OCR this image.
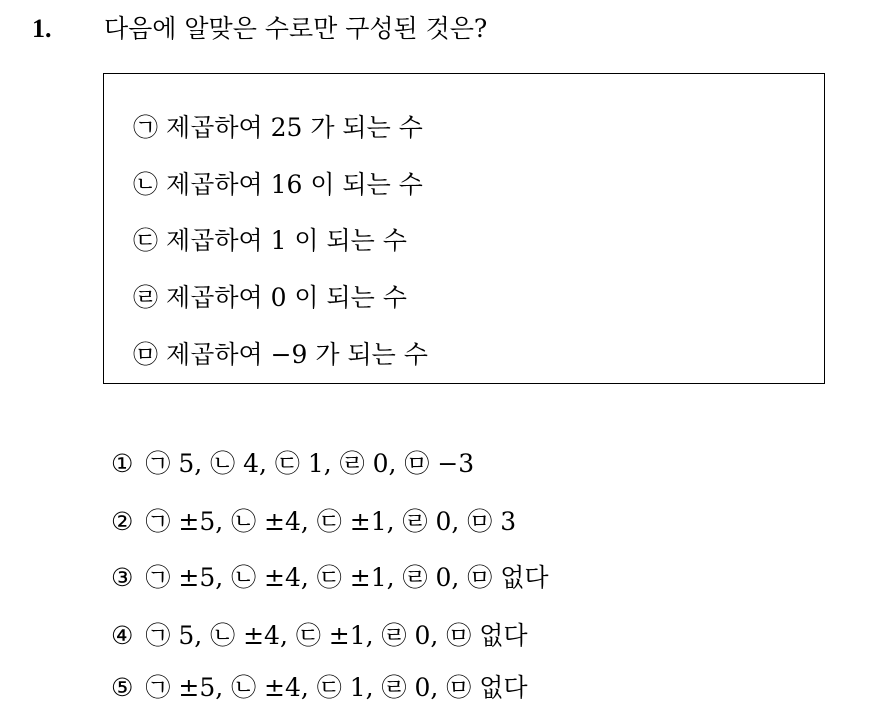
1. 다음에 알맞은 수로만 구성된 것은?
㉠ 제곱하여 25 가 되는 수
㉡ 제곱하여 16 이 되는 수
㉢ 제곱하여 1 이 되는 수
㉣ 제곱하여 0 이 되는 수
㉤ 제곱하여 −9 가 되는 수
① ㉠ 5, ㉡ 4, ㉢ 1, ㉣ 0, ㉤ −3
② ㉠ ±5, ㉡ ±4, ㉢ ±1, ㉣ 0, ㉤ 3
③ ㉠ ±5, ㉡ ±4, ㉢ ±1, ㉣ 0, ㉤ 없다
④ ㉠ 5, ㉡ ±4, ㉢ ±1, ㉣ 0, ㉤ 없다
⑤ ㉠ ±5, ㉡ ±4, ㉢ 1, ㉣ 0, ㉤ 없다
